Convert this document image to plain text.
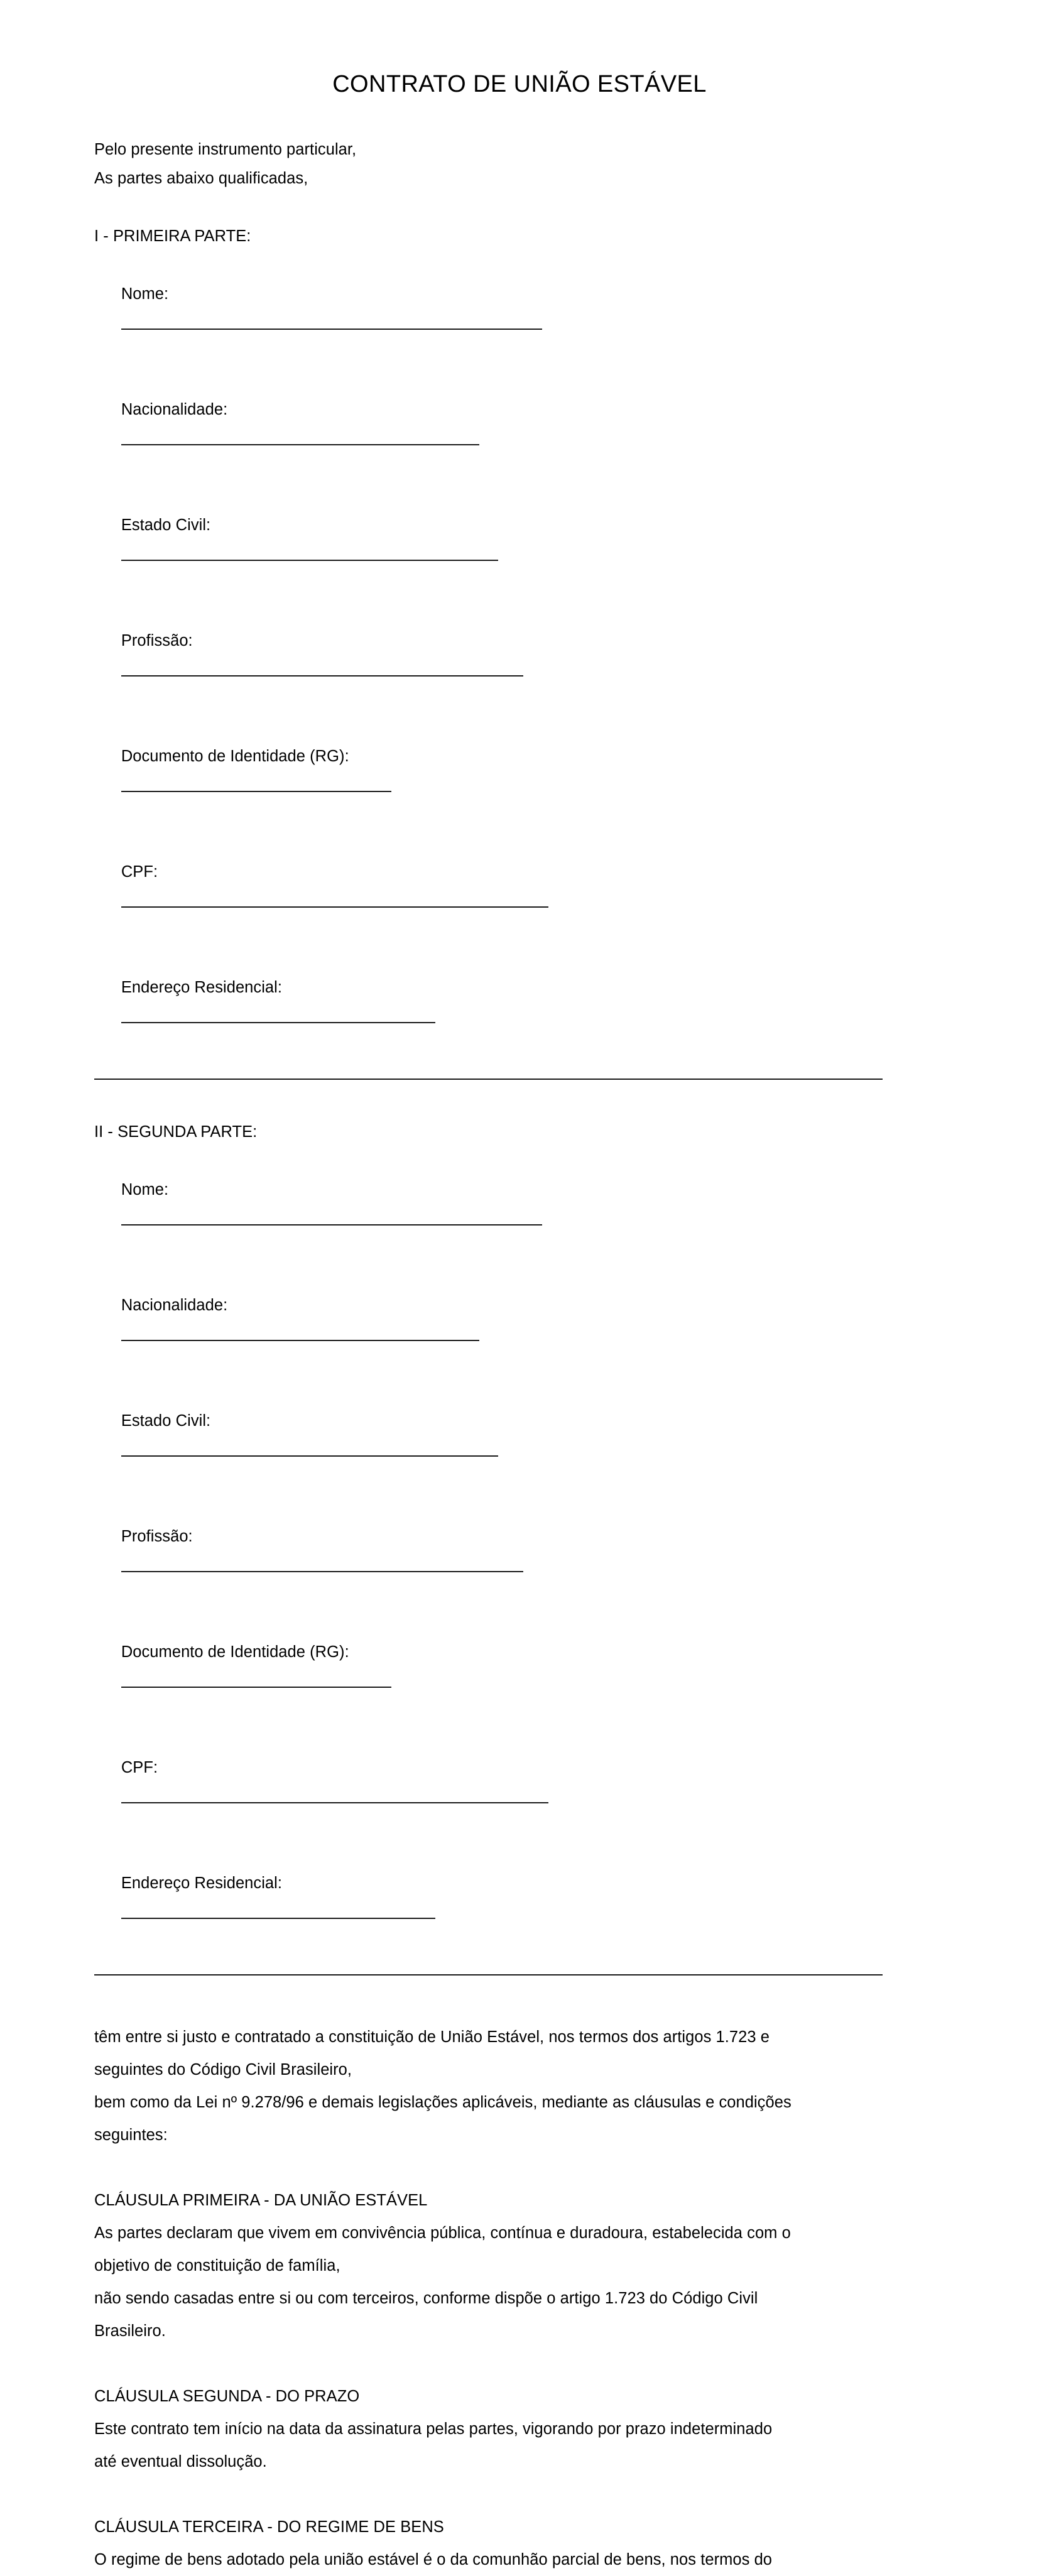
CONTRATO DE UNIÃO ESTÁVEL
Pelo presente instrumento particular,
As partes abaixo qualificadas,
I - PRIMEIRA PARTE:

Nome:

Nacionalidade:

Estado Civil:

Profissão:

Documento de Identidade (RG):

CPF:

Endereço Residencial:

II - SEGUNDA PARTE:

Nome:

Nacionalidade:

Estado Civil:

Profissão:

Documento de Identidade (RG):

CPF:

Endereço Residencial:

têm entre si justo e contratado a constituição de União Estável, nos termos dos artigos 1.723 e
seguintes do Código Civil Brasileiro,
bem como da Lei nº 9.278/96 e demais legislações aplicáveis, mediante as cláusulas e condições
seguintes:
CLÁUSULA PRIMEIRA - DA UNIÃO ESTÁVEL
As partes declaram que vivem em convivência pública, contínua e duradoura, estabelecida com o
objetivo de constituição de família,
não sendo casadas entre si ou com terceiros, conforme dispõe o artigo 1.723 do Código Civil
Brasileiro.
CLÁUSULA SEGUNDA - DO PRAZO
Este contrato tem início na data da assinatura pelas partes, vigorando por prazo indeterminado
até eventual dissolução.
CLÁUSULA TERCEIRA - DO REGIME DE BENS
O regime de bens adotado pela união estável é o da comunhão parcial de bens, nos termos do
